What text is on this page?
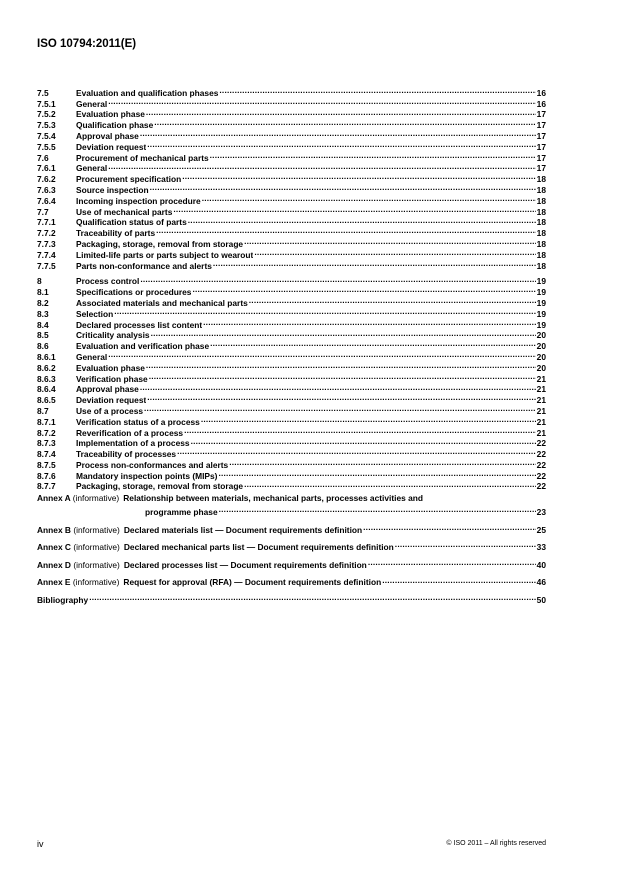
ISO 10794:2011(E)
7.5	Evaluation and qualification phases .....	16
7.5.1	General .....	16
7.5.2	Evaluation phase .....	17
7.5.3	Qualification phase .....	17
7.5.4	Approval phase .....	17
7.5.5	Deviation request .....	17
7.6	Procurement of mechanical parts .....	17
7.6.1	General .....	17
7.6.2	Procurement specification .....	18
7.6.3	Source inspection .....	18
7.6.4	Incoming inspection procedure .....	18
7.7	Use of mechanical parts .....	18
7.7.1	Qualification status of parts .....	18
7.7.2	Traceability of parts .....	18
7.7.3	Packaging, storage, removal from storage .....	18
7.7.4	Limited-life parts or parts subject to wearout .....	18
7.7.5	Parts non-conformance and alerts .....	18
8	Process control .....	19
8.1	Specifications or procedures .....	19
8.2	Associated materials and mechanical parts .....	19
8.3	Selection .....	19
8.4	Declared processes list content .....	19
8.5	Criticality analysis .....	20
8.6	Evaluation and verification phase .....	20
8.6.1	General .....	20
8.6.2	Evaluation phase .....	20
8.6.3	Verification phase .....	21
8.6.4	Approval phase .....	21
8.6.5	Deviation request .....	21
8.7	Use of a process .....	21
8.7.1	Verification status of a process .....	21
8.7.2	Reverification of a process .....	21
8.7.3	Implementation of a process .....	22
8.7.4	Traceability of processes .....	22
8.7.5	Process non-conformances and alerts .....	22
8.7.6	Mandatory inspection points (MIPs) .....	22
8.7.7	Packaging, storage, removal from storage .....	22
Annex A (informative) Relationship between materials, mechanical parts, processes activities and
programme phase .....	23
Annex B (informative) Declared materials list — Document requirements definition .....	25
Annex C (informative) Declared mechanical parts list — Document requirements definition .....	33
Annex D (informative) Declared processes list — Document requirements definition .....	40
Annex E (informative) Request for approval (RFA) — Document requirements definition .....	46
Bibliography .....	50
iv	© ISO 2011 – All rights reserved
